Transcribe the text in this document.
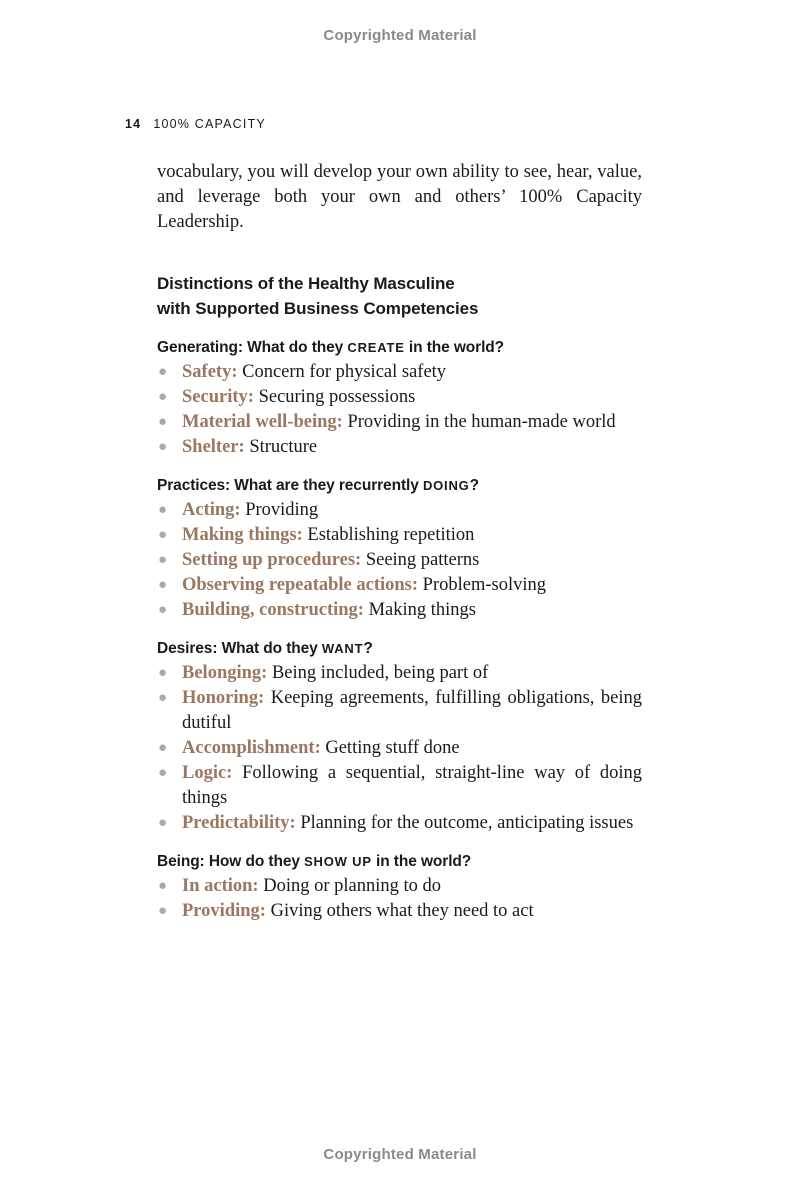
Copyrighted Material
14 100% CAPACITY

vocabulary, you will develop your own ability to see, hear, value, and leverage both your own and others’ 100% Capacity Leadership.

Distinctions of the Healthy Masculine
with Supported Business Competencies
Generating: What do they CREATE in the world?
● Safety: Concern for physical safety
● Security: Securing possessions
● Material well-being: Providing in the human-made world
● Shelter: Structure
Practices: What are they recurrently DOING?
● Acting: Providing
● Making things: Establishing repetition
● Setting up procedures: Seeing patterns
● Observing repeatable actions: Problem-solving
● Building, constructing: Making things
Desires: What do they WANT?
● Belonging: Being included, being part of
● Honoring: Keeping agreements, fulfilling obligations, being dutiful
● Accomplishment: Getting stuff done
● Logic: Following a sequential, straight-line way of doing things
● Predictability: Planning for the outcome, anticipating issues
Being: How do they SHOW UP in the world?
● In action: Doing or planning to do
● Providing: Giving others what they need to act
Copyrighted Material
